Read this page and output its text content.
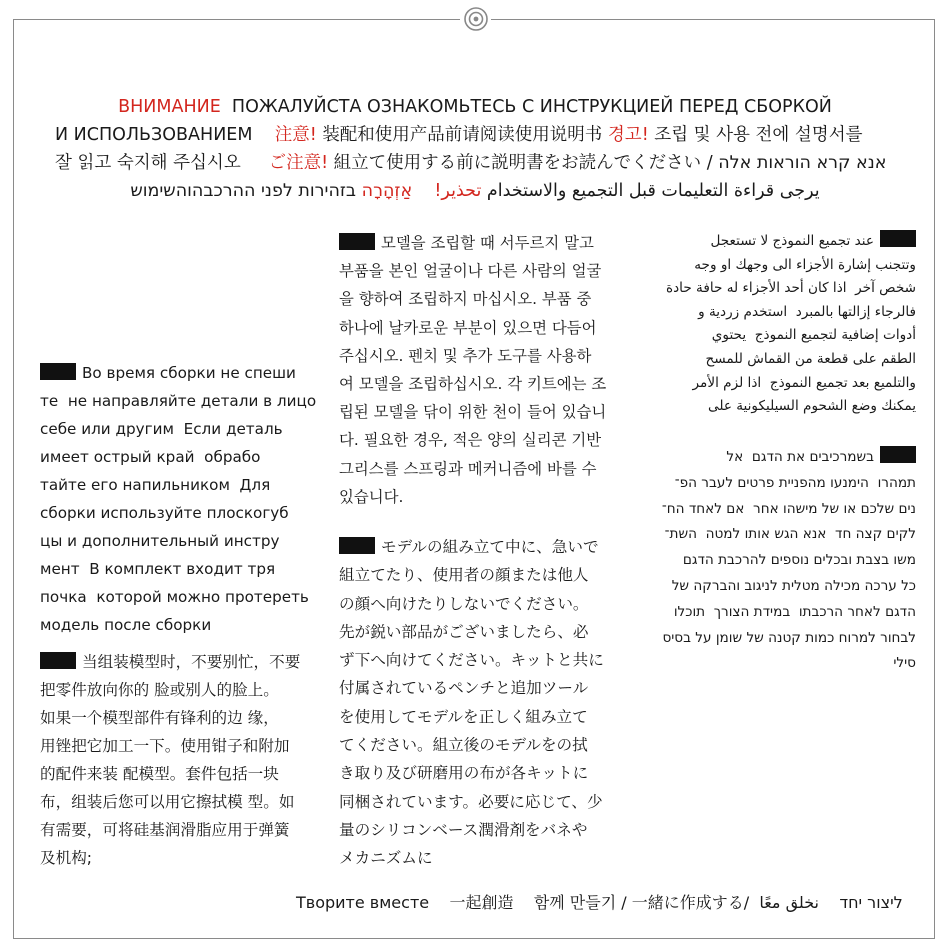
ВНИМАНИЕ ПОЖАЛУЙСТА ОЗНАКОМЬТЕСЬ С ИНСТРУКЦИЕЙ ПЕРЕД СБОРКОЙ
И ИСПОЛЬЗОВАНИЕМ 注意! 装配和使用产品前请阅读使用说明书 경고! 조립 및 사용 전에 설명서를
잘 읽고 숙지해 주십시오 ご注意! 組立て使用する前に説明書をお読んでください / אנא קרא הוראות אלה
يرجى قراءة التعليمات قبل التجميع والاستخدام تحذير!    אַזְהָרָה בזהירות לפני ההרכבהוהשימוש

Во время сборки не спеши
те  не направляйте детали в лицо
себе или другим  Если деталь
имеет острый край  обрабо
тайте его напильником  Для
сборки используйте плоскогуб
цы и дополнительный инстру
мент  В комплект входит тря
почка  которой можно протереть
модель после сборки

当组装模型时，不要别忙，不要
把零件放向你的 脸或别人的脸上。
如果一个模型部件有锋利的边 缘，
用锉把它加工一下。使用钳子和附加
的配件来装 配模型。套件包括一块
布，组装后您可以用它擦拭模 型。如
有需要，可将硅基润滑脂应用于弹簧
及机构;

모델을 조립할 때 서두르지 말고
부품을 본인 얼굴이나 다른 사람의 얼굴
을 향하여 조립하지 마십시오. 부품 중
하나에 날카로운 부분이 있으면 다듬어
주십시오. 펜치 및 추가 도구를 사용하
여 모델을 조립하십시오. 각 키트에는 조
립된 모델을 닦이 위한 천이 들어 있습니
다. 필요한 경우, 적은 양의 실리콘 기반
그리스를 스프링과 메커니즘에 바를 수
있습니다.

モデルの組み立て中に、急いで
組立てたり、使用者の顔または他人
の顔へ向けたりしないでください。
先が鋭い部品がございましたら、必
ず下へ向けてください。キットと共に
付属されているペンチと追加ツール
を使用してモデルを正しく組み立て
てください。組立後のモデルをの拭
き取り及び研磨用の布が各キットに
同梱されています。必要に応じて、少
量のシリコンベース潤滑剤をバネや
メカニズムに

عند تجميع النموذج لا تستعجل
وتتجنب إشارة الأجزاء الى وجهك او وجه
شخص آخر  اذا كان أحد الأجزاء له حافة حادة
فالرجاء إزالتها بالمبرد  استخدم زردية و
أدوات إضافية لتجميع النموذج  يحتوي
الطقم على قطعة من القماش للمسح
والتلميع بعد تجميع النموذج  اذا لزم الأمر
يمكنك وضع الشحوم السيليكونية على

בשמרכיבים את הדגם  אל
תמהרו  הימנעו מהפניית פרטים לעבר הפ־
נים שלכם או של מישהו אחר  אם לאחד הח־
לקים קצה חד  אנא הגש אותו למטה  השת־
משו בצבת ובכלים נוספים להרכבת הדגם
כל ערכה מכילה מטלית לניגוב והברקה של
הדגם לאחר הרכבתו  במידת הצורך  תוכלו
לבחור למרוח כמות קטנה של שומן על בסיס
סילי

Творите вместе 一起創造 함께 만들기 / 一緒に作成する/ نخلق معًا ליצור יחד
